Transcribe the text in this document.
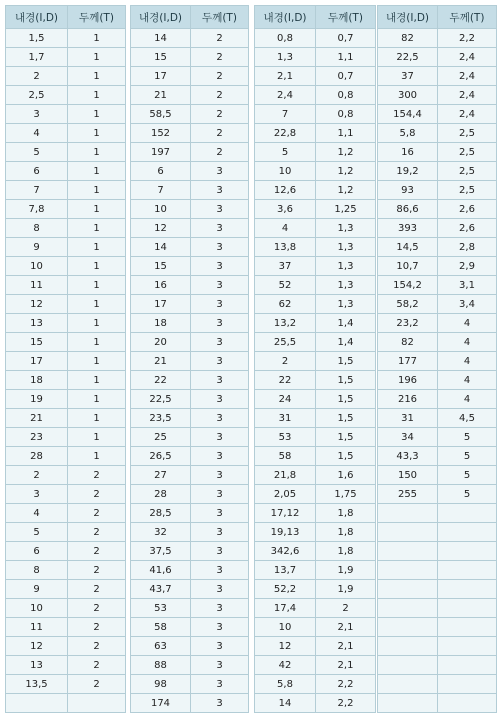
내경(I,D)	두께(T)
1,5	1
1,7	1
2	1
2,5	1
3	1
4	1
5	1
6	1
7	1
7,8	1
8	1
9	1
10	1
11	1
12	1
13	1
15	1
17	1
18	1
19	1
21	1
23	1
28	1
2	2
3	2
4	2
5	2
6	2
8	2
9	2
10	2
11	2
12	2
13	2
13,5	2

내경(I,D)	두께(T)
14	2
15	2
17	2
21	2
58,5	2
152	2
197	2
6	3
7	3
10	3
12	3
14	3
15	3
16	3
17	3
18	3
20	3
21	3
22	3
22,5	3
23,5	3
25	3
26,5	3
27	3
28	3
28,5	3
32	3
37,5	3
41,6	3
43,7	3
53	3
58	3
63	3
88	3
98	3
174	3
내경(I,D)	두께(T)
0,8	0,7
1,3	1,1
2,1	0,7
2,4	0,8
7	0,8
22,8	1,1
5	1,2
10	1,2
12,6	1,2
3,6	1,25
4	1,3
13,8	1,3
37	1,3
52	1,3
62	1,3
13,2	1,4
25,5	1,4
2	1,5
22	1,5
24	1,5
31	1,5
53	1,5
58	1,5
21,8	1,6
2,05	1,75
17,12	1,8
19,13	1,8
342,6	1,8
13,7	1,9
52,2	1,9
17,4	2
10	2,1
12	2,1
42	2,1
5,8	2,2
14	2,2
내경(I,D)	두께(T)
82	2,2
22,5	2,4
37	2,4
300	2,4
154,4	2,4
5,8	2,5
16	2,5
19,2	2,5
93	2,5
86,6	2,6
393	2,6
14,5	2,8
10,7	2,9
154,2	3,1
58,2	3,4
23,2	4
82	4
177	4
196	4
216	4
31	4,5
34	5
43,3	5
150	5
255	5
